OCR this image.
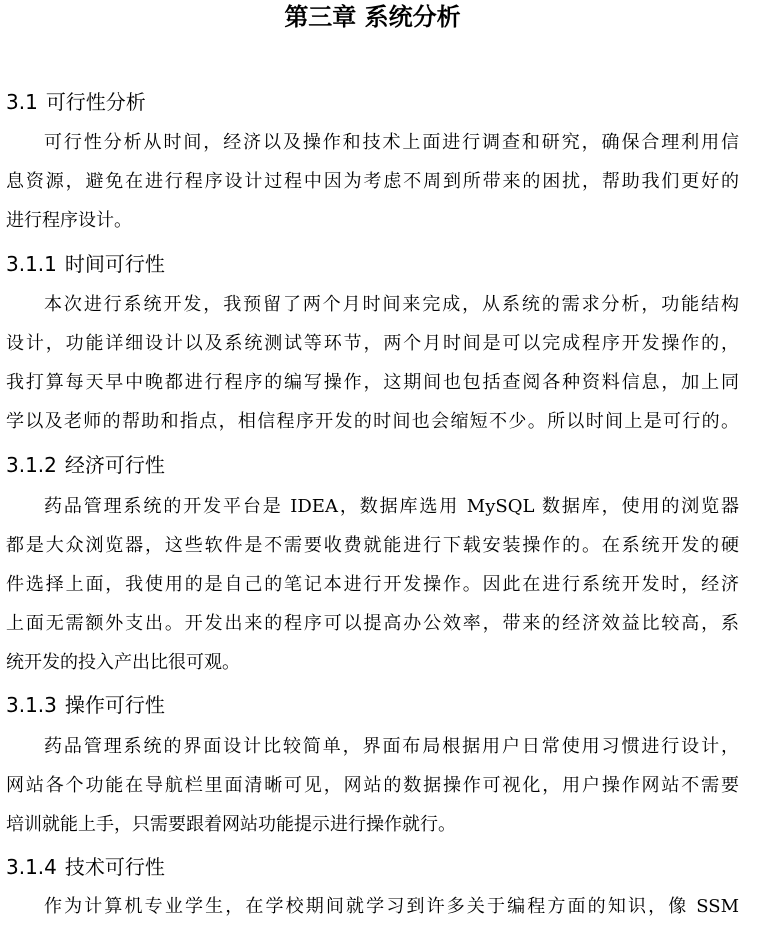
第三章 系统分析
3.1 可行性分析
可行性分析从时间，经济以及操作和技术上面进行调查和研究，确保合理利用信
息资源，避免在进行程序设计过程中因为考虑不周到所带来的困扰，帮助我们更好的
进行程序设计。
3.1.1 时间可行性
本次进行系统开发，我预留了两个月时间来完成，从系统的需求分析，功能结构
设计，功能详细设计以及系统测试等环节，两个月时间是可以完成程序开发操作的，
我打算每天早中晚都进行程序的编写操作，这期间也包括查阅各种资料信息，加上同
学以及老师的帮助和指点，相信程序开发的时间也会缩短不少。所以时间上是可行的。
3.1.2 经济可行性
药品管理系统的开发平台是 IDEA，数据库选用 MySQL 数据库，使用的浏览器
都是大众浏览器，这些软件是不需要收费就能进行下载安装操作的。在系统开发的硬
件选择上面，我使用的是自己的笔记本进行开发操作。因此在进行系统开发时，经济
上面无需额外支出。开发出来的程序可以提高办公效率，带来的经济效益比较高，系
统开发的投入产出比很可观。
3.1.3 操作可行性
药品管理系统的界面设计比较简单，界面布局根据用户日常使用习惯进行设计，
网站各个功能在导航栏里面清晰可见，网站的数据操作可视化，用户操作网站不需要
培训就能上手，只需要跟着网站功能提示进行操作就行。
3.1.4 技术可行性
作为计算机专业学生，在学校期间就学习到许多关于编程方面的知识，像 SSM
